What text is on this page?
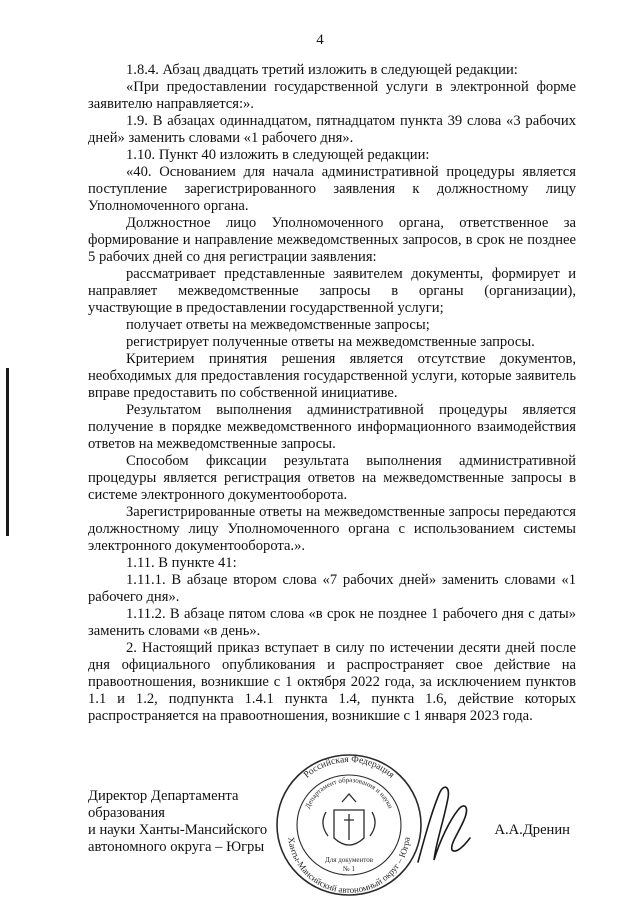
4

1.8.4. Абзац двадцать третий изложить в следующей редакции:

«При предоставлении государственной услуги в электронной форме заявителю направляется:».

1.9. В абзацах одиннадцатом, пятнадцатом пункта 39 слова «3 рабочих дней» заменить словами «1 рабочего дня».

1.10. Пункт 40 изложить в следующей редакции:

«40. Основанием для начала административной процедуры является поступление зарегистрированного заявления к должностному лицу Уполномоченного органа.

Должностное лицо Уполномоченного органа, ответственное за формирование и направление межведомственных запросов, в срок не позднее 5 рабочих дней со дня регистрации заявления:

рассматривает представленные заявителем документы, формирует и направляет межведомственные запросы в органы (организации), участвующие в предоставлении государственной услуги;

получает ответы на межведомственные запросы;

регистрирует полученные ответы на межведомственные запросы.

Критерием принятия решения является отсутствие документов, необходимых для предоставления государственной услуги, которые заявитель вправе предоставить по собственной инициативе.

Результатом выполнения административной процедуры является получение в порядке межведомственного информационного взаимодействия ответов на межведомственные запросы.

Способом фиксации результата выполнения административной процедуры является регистрация ответов на межведомственные запросы в системе электронного документооборота.

Зарегистрированные ответы на межведомственные запросы передаются должностному лицу Уполномоченного органа с использованием системы электронного документооборота.».

1.11. В пункте 41:

1.11.1. В абзаце втором слова «7 рабочих дней» заменить словами «1 рабочего дня».

1.11.2. В абзаце пятом слова «в срок не позднее 1 рабочего дня с даты» заменить словами «в день».

2. Настоящий приказ вступает в силу по истечении десяти дней после дня официального опубликования и распространяет свое действие на правоотношения, возникшие с 1 октября 2022 года, за исключением пунктов 1.1 и 1.2, подпункта 1.4.1 пункта 1.4, пункта 1.6, действие которых распространяется на правоотношения, возникшие с 1 января 2023 года.

Российская Федерация
Ханты-Мансийский автономный округ – Югра
Департамент образования и науки
Для документов
№ 1
Директор Департамента образования
и науки Ханты-Мансийского
автономного округа – Югры
А.А.Дренин
